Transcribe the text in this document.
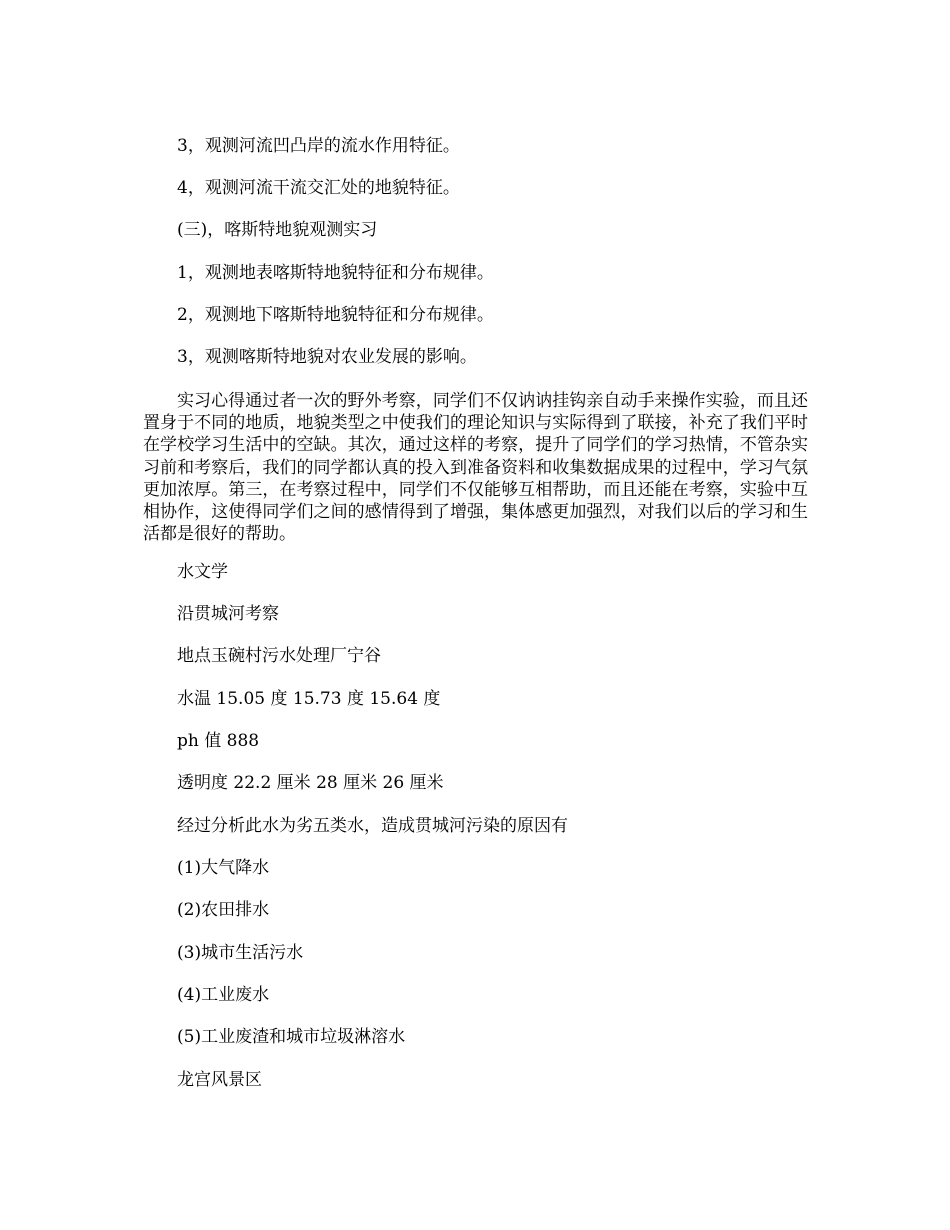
3，观测河流凹凸岸的流水作用特征。
4，观测河流干流交汇处的地貌特征。
(三)，喀斯特地貌观测实习
1，观测地表喀斯特地貌特征和分布规律。
2，观测地下喀斯特地貌特征和分布规律。
3，观测喀斯特地貌对农业发展的影响。

实习心得通过者一次的野外考察，同学们不仅讷讷挂钩亲自动手来操作实验，而且还置身于不同的地质，地貌类型之中使我们的理论知识与实际得到了联接，补充了我们平时在学校学习生活中的空缺。其次，通过这样的考察，提升了同学们的学习热情，不管杂实习前和考察后，我们的同学都认真的投入到准备资料和收集数据成果的过程中，学习气氛更加浓厚。第三，在考察过程中，同学们不仅能够互相帮助，而且还能在考察，实验中互相协作，这使得同学们之间的感情得到了增强，集体感更加强烈，对我们以后的学习和生活都是很好的帮助。

水文学
沿贯城河考察
地点玉碗村污水处理厂宁谷
水温 15.05 度 15.73 度 15.64 度
ph 值 888
透明度 22.2 厘米 28 厘米 26 厘米
经过分析此水为劣五类水，造成贯城河污染的原因有
(1)大气降水
(2)农田排水
(3)城市生活污水
(4)工业废水
(5)工业废渣和城市垃圾淋溶水
龙宫风景区
